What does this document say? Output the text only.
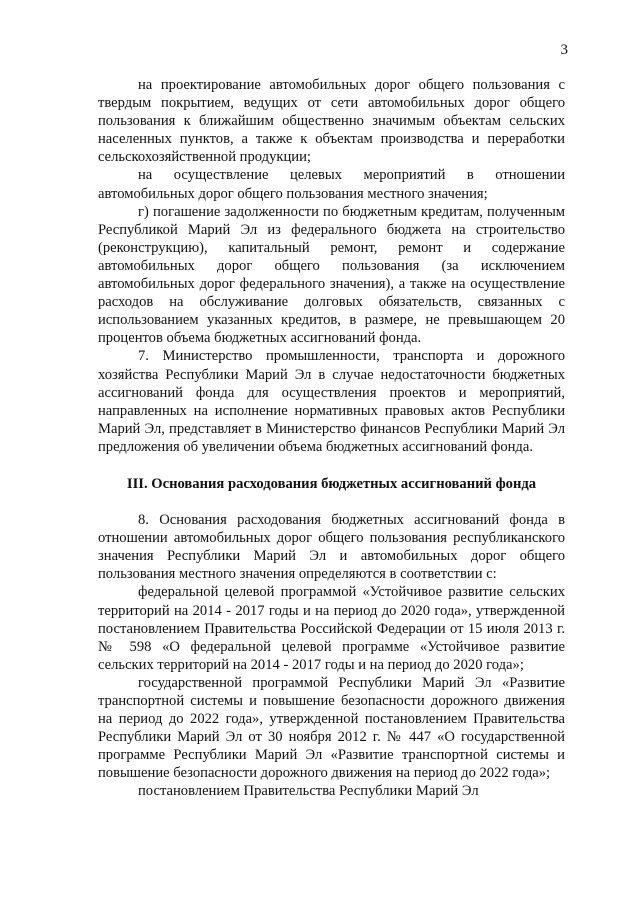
3

на проектирование автомобильных дорог общего пользования с твердым покрытием, ведущих от сети автомобильных дорог общего пользования к ближайшим общественно значимым объектам сельских населенных пунктов, а также к объектам производства и переработки сельскохозяйственной продукции;

на осуществление целевых мероприятий в отношении автомобильных дорог общего пользования местного значения;

г) погашение задолженности по бюджетным кредитам, полученным Республикой Марий Эл из федерального бюджета на строительство (реконструкцию), капитальный ремонт, ремонт и содержание автомобильных дорог общего пользования (за исключением автомобильных дорог федерального значения), а также на осуществление расходов на обслуживание долговых обязательств, связанных с использованием указанных кредитов, в размере, не превышающем 20 процентов объема бюджетных ассигнований фонда.

7. Министерство промышленности, транспорта и дорожного хозяйства Республики Марий Эл в случае недостаточности бюджетных ассигнований фонда для осуществления проектов и мероприятий, направленных на исполнение нормативных правовых актов Республики Марий Эл, представляет в Министерство финансов Республики Марий Эл предложения об увеличении объема бюджетных ассигнований фонда.

III. Основания расходования бюджетных ассигнований фонда

8. Основания расходования бюджетных ассигнований фонда в отношении автомобильных дорог общего пользования республиканского значения Республики Марий Эл и автомобильных дорог общего пользования местного значения определяются в соответствии с:

федеральной целевой программой «Устойчивое развитие сельских территорий на 2014 - 2017 годы и на период до 2020 года», утвержденной постановлением Правительства Российской Федерации от 15 июля 2013 г. № 598 «О федеральной целевой программе «Устойчивое развитие сельских территорий на 2014 - 2017 годы и на период до 2020 года»;

государственной программой Республики Марий Эл «Развитие транспортной системы и повышение безопасности дорожного движения на период до 2022 года», утвержденной постановлением Правительства Республики Марий Эл от 30 ноября 2012 г. № 447 «О государственной программе Республики Марий Эл «Развитие транспортной системы и повышение безопасности дорожного движения на период до 2022 года»;

постановлением Правительства Республики Марий Эл
